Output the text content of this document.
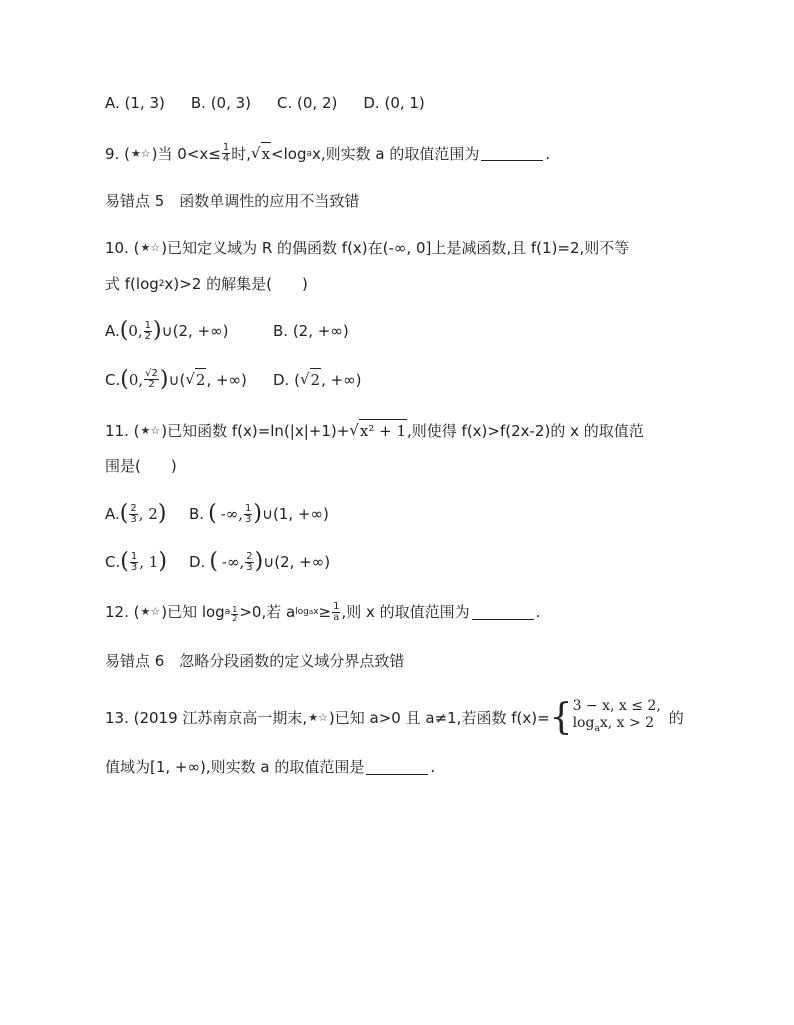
A. (1, 3) B. (0, 3) C. (0, 2) D. (0, 1)
9. ( ★☆ )当 $0<x\le \frac{1}{4}$ 时, √ x <log a x,则实数 a 的取值范围为	.
易错点 5　函数单调性的应用不当致错
10. ( ★☆ )已知定义域为 R 的偶函数 f(x)在(-∞, 0]上是减函数,且 f(1)=2,则不等
式 f(log 2 x)>2 的解集是( )
A. ( 0, $\frac{1}{2}$ ) ∪(2, +∞)	B. (2, +∞)
C. ( 0, $\frac{√2}{2}$ ) ∪( √ 2 , +∞) D. ( √ 2 , +∞)
11. ( ★☆ )已知函数 f(x)=ln(|x|+1)+ √ x² + 1 ,则使得 f(x)>f(2x-2)的 x 的取值范
围是( )
A. ( $\frac{2}{3}$ , 2 ) B. ( -∞, $\frac{1}{3}$ ) ∪(1, +∞)
C. ( $\frac{1}{3}$ , 1 ) D. ( -∞, $\frac{2}{3}$ ) ∪(2, +∞)
12. ( ★☆ )已知 log a $\frac{1}{2} >0$,若 a logax ≥ $\frac{1}{a}$ ,则 x 的取值范围为	.
易错点 6　忽略分段函数的定义域分界点致错
13. (2019 江苏南京高一期末, ★☆ )已知 a>0 且 a≠1,若函数 f(x)= { 3 − x, x ≤ 2,
$\log_ax$, x > 2 的
值域为[1, +∞),则实数 a 的取值范围是	.
